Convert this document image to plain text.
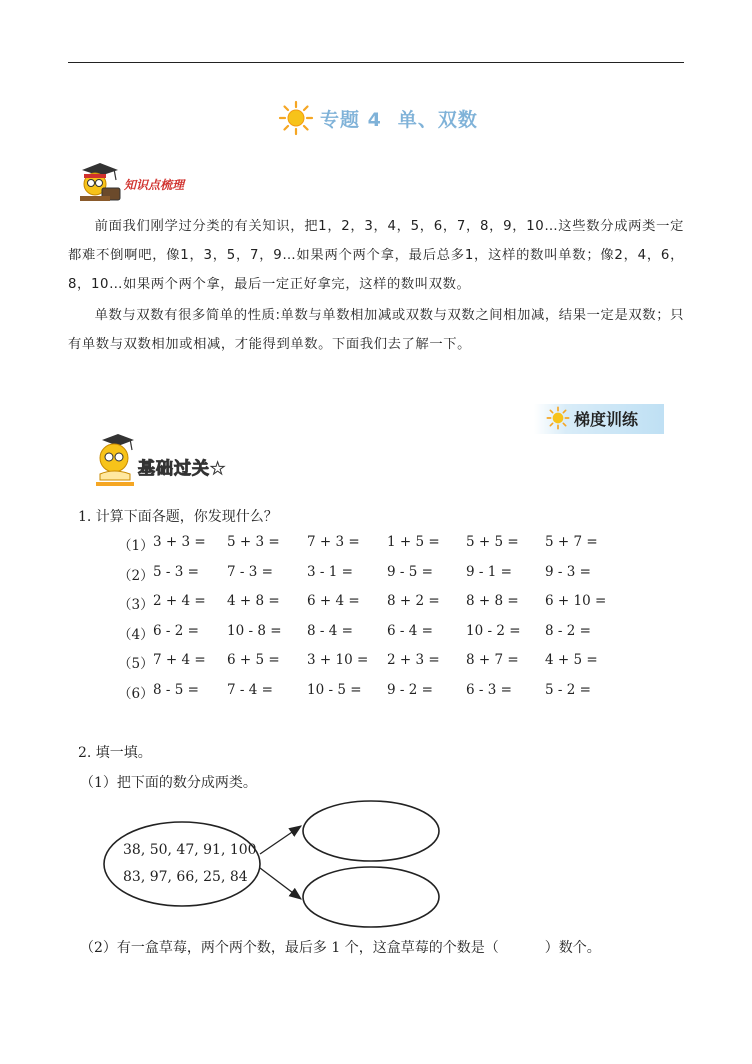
专题 4 单、双数
知识点梳理
前面我们刚学过分类的有关知识，把1，2，3，4，5，6，7，8，9，10…这些数分成两类一定都难不倒啊吧，像1，3，5，7，9…如果两个两个拿，最后总多1，这样的数叫单数；像2，4，6，8，10…如果两个两个拿，最后一定正好拿完，这样的数叫双数。
单数与双数有很多简单的性质:单数与单数相加减或双数与双数之间相加减，结果一定是双数；只有单数与双数相加或相减，才能得到单数。下面我们去了解一下。
梯度训练
基础过关★
1. 计算下面各题，你发现什么？
（1） 3 + 3 = 5 + 3 = 7 + 3 = 1 + 5 = 5 + 5 = 5 + 7 =
（2） 5 - 3 = 7 - 3 =	3 - 1 =	9 - 5 = 9 - 1 = 9 - 3 =
（3） 2 + 4 = 4 + 8 = 6 + 4 = 8 + 2 = 8 + 8 = 6 + 10 =
（4） 6 - 2 = 10 - 8 = 8 - 4 =	6 - 4 = 10 - 2 = 8 - 2 =
（5） 7 + 4 = 6 + 5 = 3 + 10 = 2 + 3 = 8 + 7 = 4 + 5 =
（6） 8 - 5 = 7 - 4 =	10 - 5 = 9 - 2 = 6 - 3 = 5 - 2 =
2. 填一填。
（1）把下面的数分成两类。
38, 50, 47, 91, 100
83, 97, 66, 25, 84
（2）有一盒草莓，两个两个数，最后多 1 个，这盒草莓的个数是（	）数个。
